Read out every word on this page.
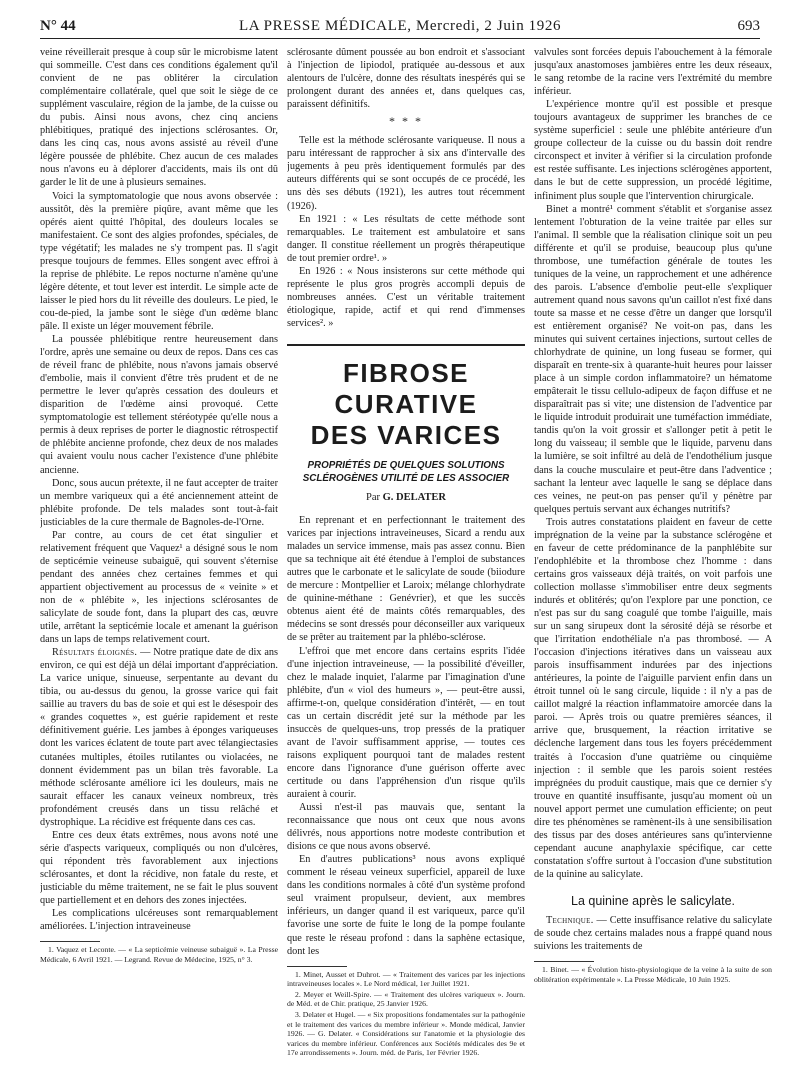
N° 44	LA PRESSE MÉDICALE, Mercredi, 2 Juin 1926	693

veine réveillerait presque à coup sûr le microbisme latent qui sommeille. C'est dans ces conditions également qu'il convient de ne pas oblitérer la circulation complémentaire collatérale, quel que soit le siège de ce supplément vasculaire, région de la jambe, de la cuisse ou du pubis. Ainsi nous avons, chez cinq anciens phlébitiques, pratiqué des injections sclérosantes. Or, dans les cinq cas, nous avons assisté au réveil d'une légère poussée de phlébite. Chez aucun de ces malades nous n'avons eu à déplorer d'accidents, mais ils ont dû garder le lit de une à plusieurs semaines.

Voici la symptomatologie que nous avons observée : aussitôt, dès la première piqûre, avant même que les opérés aient quitté l'hôpital, des douleurs locales se manifestaient. Ce sont des algies profondes, spéciales, de type végétatif; les malades ne s'y trompent pas. Il s'agit presque toujours de femmes. Elles songent avec effroi à la reprise de phlébite. Le repos nocturne n'amène qu'une légère détente, et tout lever est interdit. Le simple acte de laisser le pied hors du lit réveille des douleurs. Le pied, le cou-de-pied, la jambe sont le siège d'un œdème blanc pâle. Il existe un léger mouvement fébrile.

La poussée phlébitique rentre heureusement dans l'ordre, après une semaine ou deux de repos. Dans ces cas de réveil franc de phlébite, nous n'avons jamais observé d'embolie, mais il convient d'être très prudent et de ne permettre le lever qu'après cessation des douleurs et disparition de l'œdème ainsi provoqué. Cette symptomatologie est tellement stéréotypée qu'elle nous a permis à deux reprises de porter le diagnostic rétrospectif de phlébite ancienne profonde, chez deux de nos malades qui avaient voulu nous cacher l'existence d'une phlébite ancienne.

Donc, sous aucun prétexte, il ne faut accepter de traiter un membre variqueux qui a été anciennement atteint de phlébite profonde. De tels malades sont tout-à-fait justiciables de la cure thermale de Bagnoles-de-l'Orne.

Par contre, au cours de cet état singulier et relativement fréquent que Vaquez¹ a désigné sous le nom de septicémie veineuse subaiguë, qui souvent s'éternise pendant des années chez certaines femmes et qui appartient objectivement au processus de « veinite » et non de « phlébite », les injections sclérosantes de salicylate de soude font, dans la plupart des cas, œuvre utile, arrêtant la septicémie locale et amenant la guérison dans un laps de temps relativement court.

Résultats éloignés. — Notre pratique date de dix ans environ, ce qui est déjà un délai important d'appréciation. La varice unique, sinueuse, serpentante au devant du tibia, ou au-dessus du genou, la grosse varice qui fait saillie au travers du bas de soie et qui est le désespoir des « grandes coquettes », est guérie rapidement et reste définitivement guérie. Les jambes à éponges variqueuses dont les varices éclatent de toute part avec télangiectasies cutanées multiples, étoiles rutilantes ou violacées, ne donnent évidemment pas un bilan très favorable. La méthode sclérosante améliore ici les douleurs, mais ne saurait effacer les canaux veineux nombreux, très profondément creusés dans un tissu relâché et dystrophique. La récidive est fréquente dans ces cas.

Entre ces deux états extrêmes, nous avons noté une série d'aspects variqueux, compliqués ou non d'ulcères, qui répondent très favorablement aux injections sclérosantes, et dont la récidive, non fatale du reste, et justiciable du même traitement, ne se fait le plus souvent que partiellement et en dehors des zones injectées.

Les complications ulcéreuses sont remarquablement améliorées. L'injection intraveineuse

1. Vaquez et Leconte. — « La septicémie veineuse subaiguë ». La Presse Médicale, 6 Avril 1921. — Legrand. Revue de Médecine, 1925, n° 3.

sclérosante dûment poussée au bon endroit et s'associant à l'injection de lipiodol, pratiquée au-dessous et aux alentours de l'ulcère, donne des résultats inespérés qui se prolongent durant des années et, dans quelques cas, paraissent définitifs.

* * *

Telle est la méthode sclérosante variqueuse. Il nous a paru intéressant de rapprocher à six ans d'intervalle des jugements à peu près identiquement formulés par des auteurs différents qui se sont occupés de ce procédé, les uns dès ses débuts (1921), les autres tout récemment (1926).

En 1921 : « Les résultats de cette méthode sont remarquables. Le traitement est ambulatoire et sans danger. Il constitue réellement un progrès thérapeutique de tout premier ordre¹. »

En 1926 : « Nous insisterons sur cette méthode qui représente le plus gros progrès accompli depuis de nombreuses années. C'est un véritable traitement étiologique, rapide, actif et qui rend d'immenses services². »

FIBROSE CURATIVE
DES VARICES
PROPRIÉTÉS DE QUELQUES SOLUTIONS SCLÉROGÈNES UTILITÉ DE LES ASSOCIER
Par G. DELATER

En reprenant et en perfectionnant le traitement des varices par injections intraveineuses, Sicard a rendu aux malades un service immense, mais pas assez connu. Bien que sa technique ait été étendue à l'emploi de substances autres que le carbonate et le salicylate de soude (biiodure de mercure : Montpellier et Laroix; mélange chlorhydrate de quinine-méthane : Genévrier), et que les succès obtenus aient été de maints côtés remarquables, des médecins se sont dressés pour déconseiller aux variqueux de se prêter au traitement par la phlébo-sclérose.

L'effroi que met encore dans certains esprits l'idée d'une injection intraveineuse, — la possibilité d'éveiller, chez le malade inquiet, l'alarme par l'imagination d'une phlébite, d'un « viol des humeurs », — peut-être aussi, affirme-t-on, quelque considération d'intérêt, — en tout cas un certain discrédit jeté sur la méthode par les insuccès de quelques-uns, trop pressés de la pratiquer avant de l'avoir suffisamment apprise, — toutes ces raisons expliquent pourquoi tant de malades restent encore dans l'ignorance d'une guérison offerte avec certitude ou dans l'appréhension d'un risque qu'ils auraient à courir.

Aussi n'est-il pas mauvais que, sentant la reconnaissance que nous ont ceux que nous avons délivrés, nous apportions notre modeste contribution et disions ce que nous avons observé.

En d'autres publications³ nous avons expliqué comment le réseau veineux superficiel, appareil de luxe dans les conditions normales à côté d'un système profond seul vraiment propulseur, devient, aux membres inférieurs, un danger quand il est variqueux, parce qu'il favorise une sorte de fuite le long de la pompe foulante que reste le réseau profond : dans la saphène ectasique, dont les

1. Minet, Ausset et Duhrot. — « Traitement des varices par les injections intraveineuses locales ». Le Nord médical, 1er Juillet 1921.

2. Meyer et Weill-Spire. — « Traitement des ulcères variqueux ». Journ. de Méd. et de Chir. pratique, 25 Janvier 1926.

3. Delater et Hugel. — « Six propositions fondamentales sur la pathogénie et le traitement des varices du membre inférieur ». Monde médical, Janvier 1926. — G. Delater. « Considérations sur l'anatomie et la physiologie des varices du membre inférieur. Conférences aux Sociétés médicales des 9e et 17e arrondissements ». Journ. méd. de Paris, 1er Février 1926.

valvules sont forcées depuis l'abouchement à la fémorale jusqu'aux anastomoses jambières entre les deux réseaux, le sang retombe de la racine vers l'extrémité du membre inférieur.

L'expérience montre qu'il est possible et presque toujours avantageux de supprimer les branches de ce système superficiel : seule une phlébite antérieure d'un groupe collecteur de la cuisse ou du bassin doit rendre circonspect et inviter à vérifier si la circulation profonde est restée suffisante. Les injections sclérogènes apportent, dans le but de cette suppression, un procédé légitime, infiniment plus souple que l'intervention chirurgicale.

Binet a montré¹ comment s'établit et s'organise assez lentement l'obturation de la veine traitée par elles sur l'animal. Il semble que la réalisation clinique soit un peu différente et qu'il se produise, beaucoup plus qu'une thrombose, une tuméfaction générale de toutes les tuniques de la veine, un rapprochement et une adhérence des parois. L'absence d'embolie peut-elle s'expliquer autrement quand nous savons qu'un caillot n'est fixé dans toute sa masse et ne cesse d'être un danger que lorsqu'il est entièrement organisé? Ne voit-on pas, dans les minutes qui suivent certaines injections, surtout celles de chlorhydrate de quinine, un long fuseau se former, qui disparaît en trente-six à quarante-huit heures pour laisser place à un simple cordon inflammatoire? un hématome empâterait le tissu cellulo-adipeux de façon diffuse et ne disparaîtrait pas si vite; une distension de l'adventice par le liquide introduit produirait une tuméfaction immédiate, tandis qu'on la voit grossir et s'allonger petit à petit le long du vaisseau; il semble que le liquide, parvenu dans la lumière, se soit infiltré au delà de l'endothélium jusque dans la couche musculaire et peut-être dans l'adventice ; sachant la lenteur avec laquelle le sang se déplace dans ces veines, ne peut-on pas penser qu'il y pénètre par quelques pertuis servant aux échanges nutritifs?

Trois autres constatations plaident en faveur de cette imprégnation de la veine par la substance sclérogène et en faveur de cette prédominance de la panphlébite sur l'endophlébite et la thrombose chez l'homme : dans certains gros vaisseaux déjà traités, on voit parfois une collection mollasse s'immobiliser entre deux segments indurés et oblitérés; qu'on l'explore par une ponction, ce n'est pas sur du sang coagulé que tombe l'aiguille, mais sur un sang sirupeux dont la sérosité déjà se résorbe et que l'irritation endothéliale n'a pas thrombosé. — A l'occasion d'injections itératives dans un vaisseau aux parois insuffisamment indurées par des injections antérieures, la pointe de l'aiguille parvient enfin dans un étroit tunnel où le sang circule, liquide : il n'y a pas de caillot malgré la réaction inflammatoire amorcée dans la paroi. — Après trois ou quatre premières séances, il arrive que, brusquement, la réaction irritative se déclenche largement dans tous les foyers précédemment traités à l'occasion d'une quatrième ou cinquième injection : il semble que les parois soient restées imprégnées du produit caustique, mais que ce dernier s'y trouve en quantité insuffisante, jusqu'au moment où un nouvel apport permet une cumulation efficiente; on peut dire tes phénomènes se ramènent-ils à une sensibilisation des tissus par des doses antérieures sans qu'intervienne cependant aucune anaphylaxie spécifique, car cette constatation s'offre surtout à l'occasion d'une substitution de la quinine au salicylate.

La quinine après le salicylate.

Technique. — Cette insuffisance relative du salicylate de soude chez certains malades nous a frappé quand nous suivions les traitements de

1. Binet. — « Évolution histo-physiologique de la veine à la suite de son oblitération expérimentale ». La Presse Médicale, 10 Juin 1925.
